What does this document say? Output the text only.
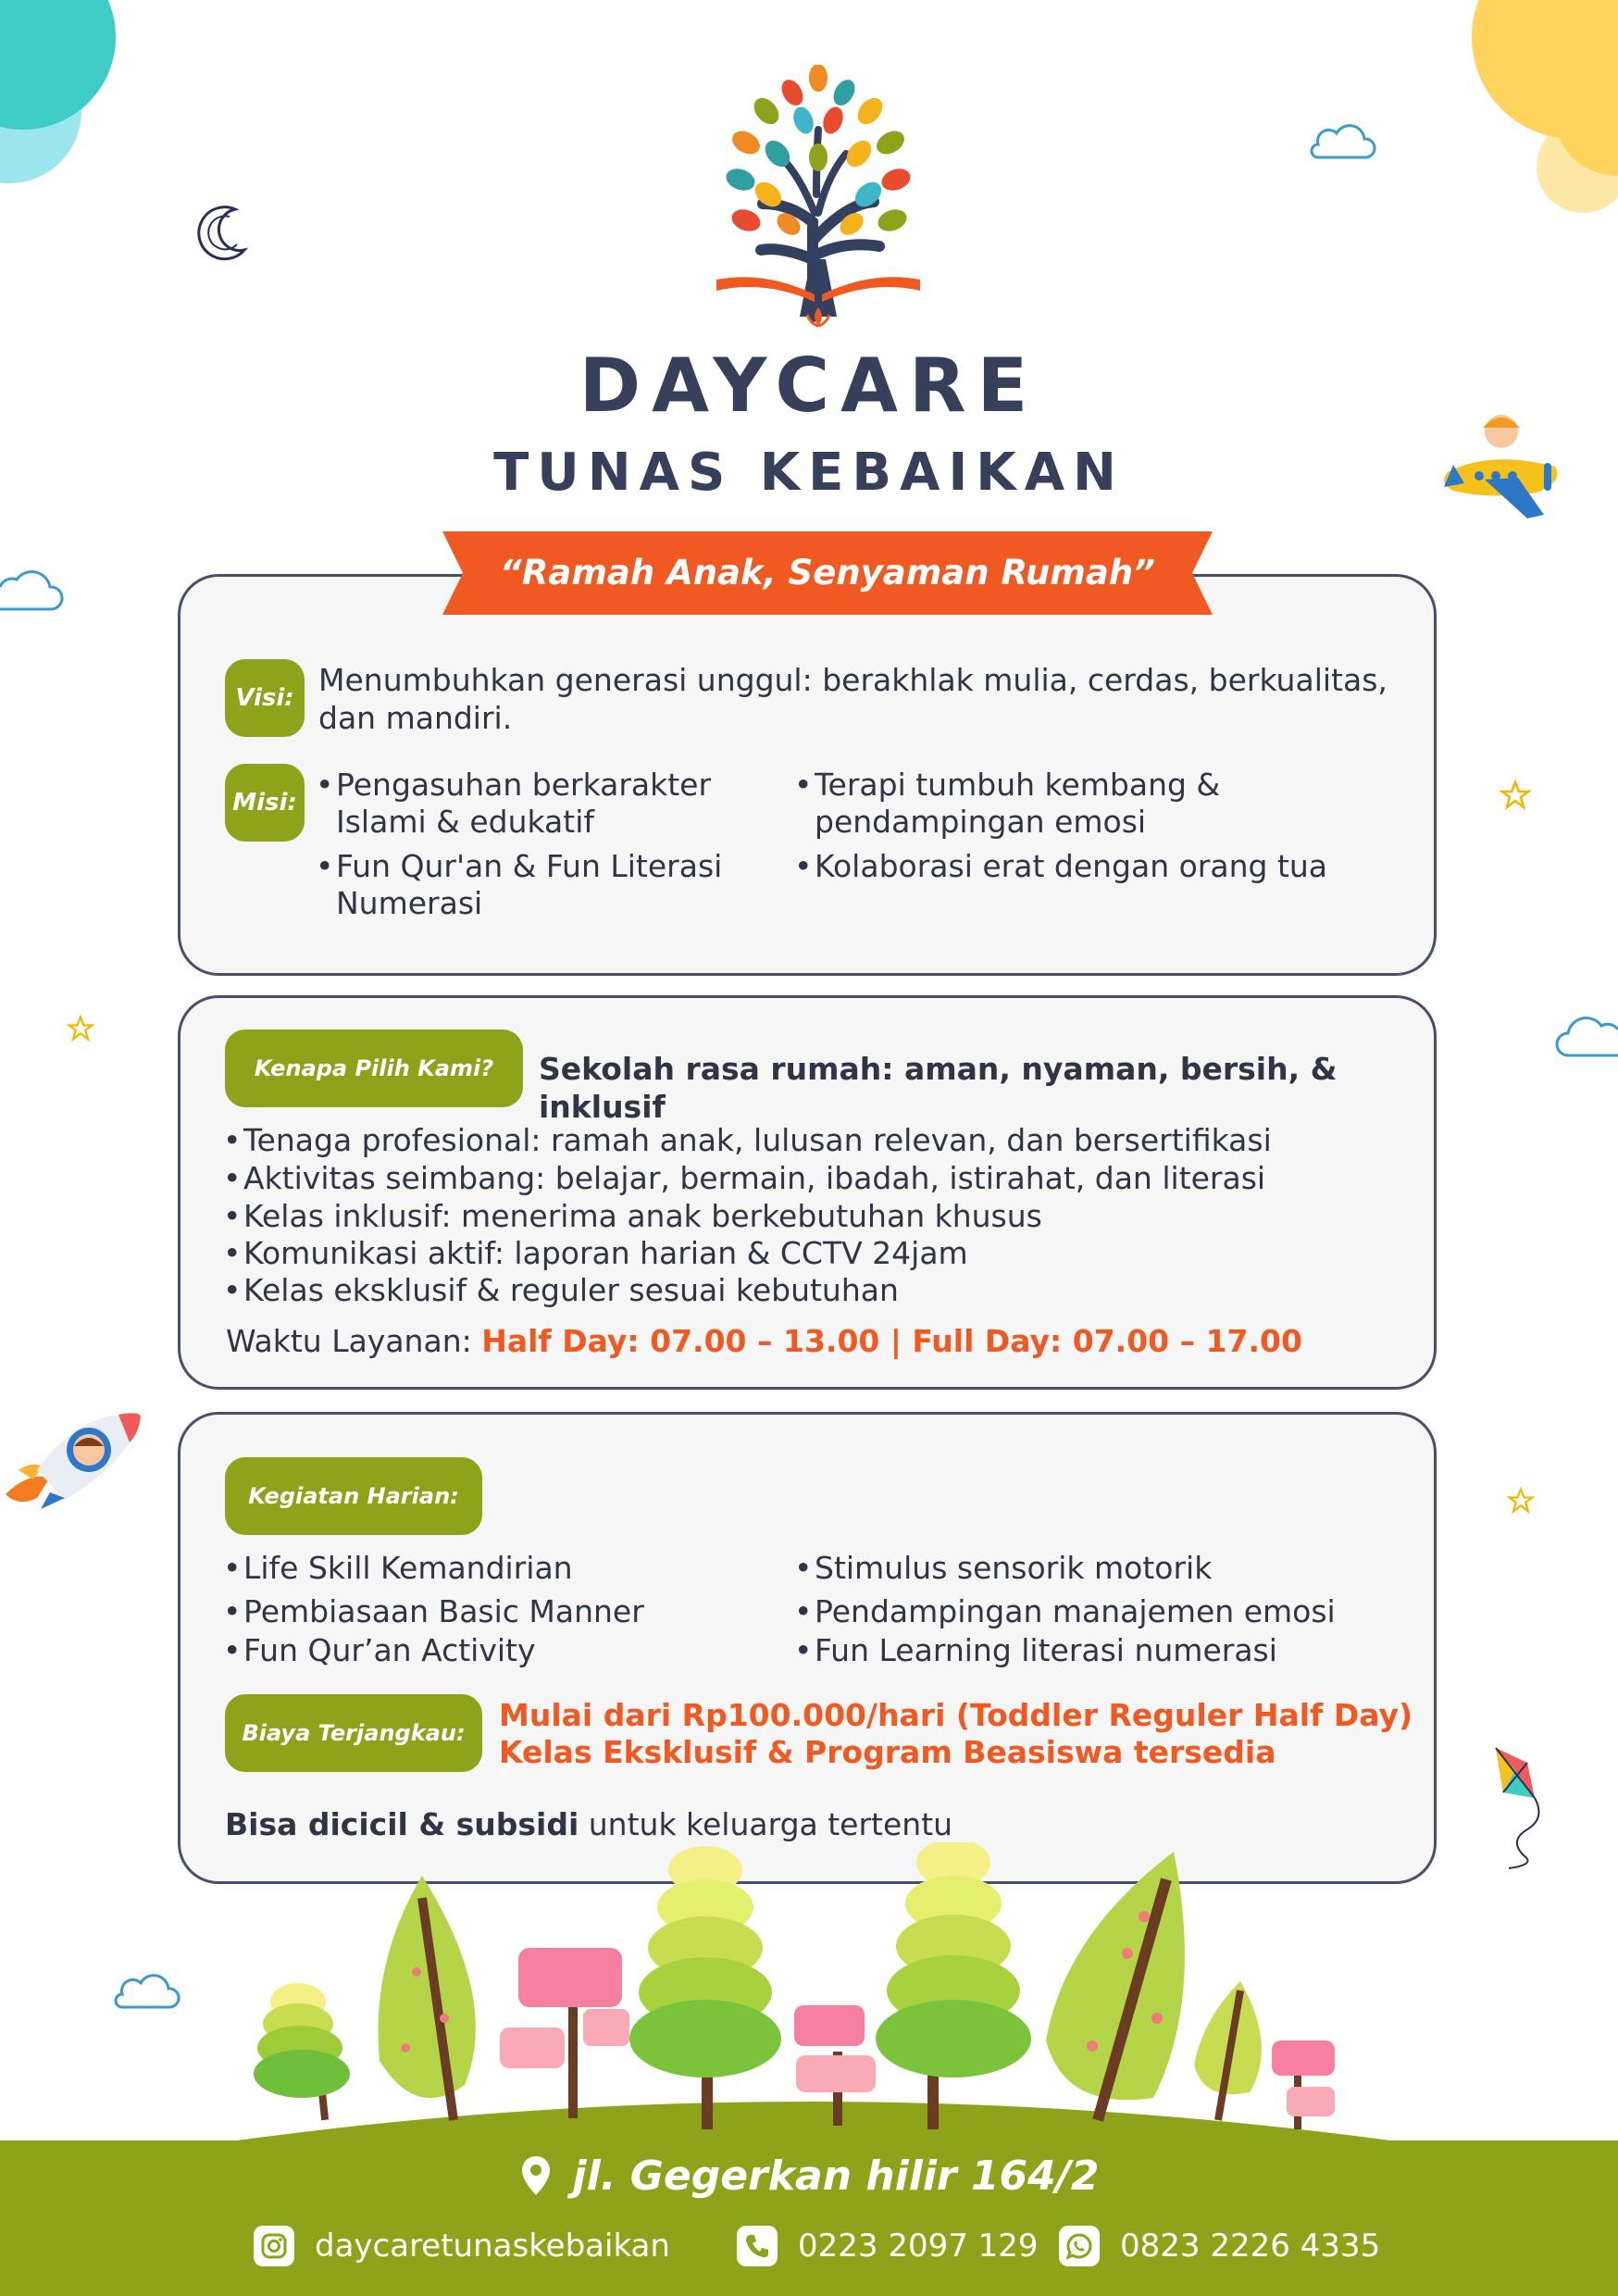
DAYCARE
TUNAS KEBAIKAN
“Ramah Anak, Senyaman Rumah”
Visi: Menumbuhkan generasi unggul: berakhlak mulia, cerdas, berkualitas, dan mandiri.
Misi:
•	Pengasuhan berkarakter Islami & edukatif
• Fun Qur'an & Fun Literasi Numerasi
• Terapi tumbuh kembang & pendampingan emosi
• Kolaborasi erat dengan orang tua
Kenapa Pilih Kami?	Sekolah rasa rumah: aman, nyaman, bersih, & inklusif
• Tenaga profesional: ramah anak, lulusan relevan, dan bersertifikasi
• Aktivitas seimbang: belajar, bermain, ibadah, istirahat, dan literasi
• Kelas inklusif: menerima anak berkebutuhan khusus
• Komunikasi aktif: laporan harian & CCTV 24jam
• Kelas eksklusif & reguler sesuai kebutuhan
Waktu Layanan: Half Day: 07.00 – 13.00 | Full Day: 07.00 – 17.00
Kegiatan Harian:
• Life Skill Kemandirian
• Pembiasaan Basic Manner
• Fun Qur’an Activity
• Stimulus sensorik motorik
• Pendampingan manajemen emosi
• Fun Learning literasi numerasi
Biaya Terjangkau:	Mulai dari Rp100.000/hari (Toddler Reguler Half Day)
Kelas Eksklusif & Program Beasiswa tersedia
Bisa dicicil & subsidi untuk keluarga tertentu
jl. Gegerkan hilir 164/2
daycaretunaskebaikan	0223 2097 129	0823 2226 4335
